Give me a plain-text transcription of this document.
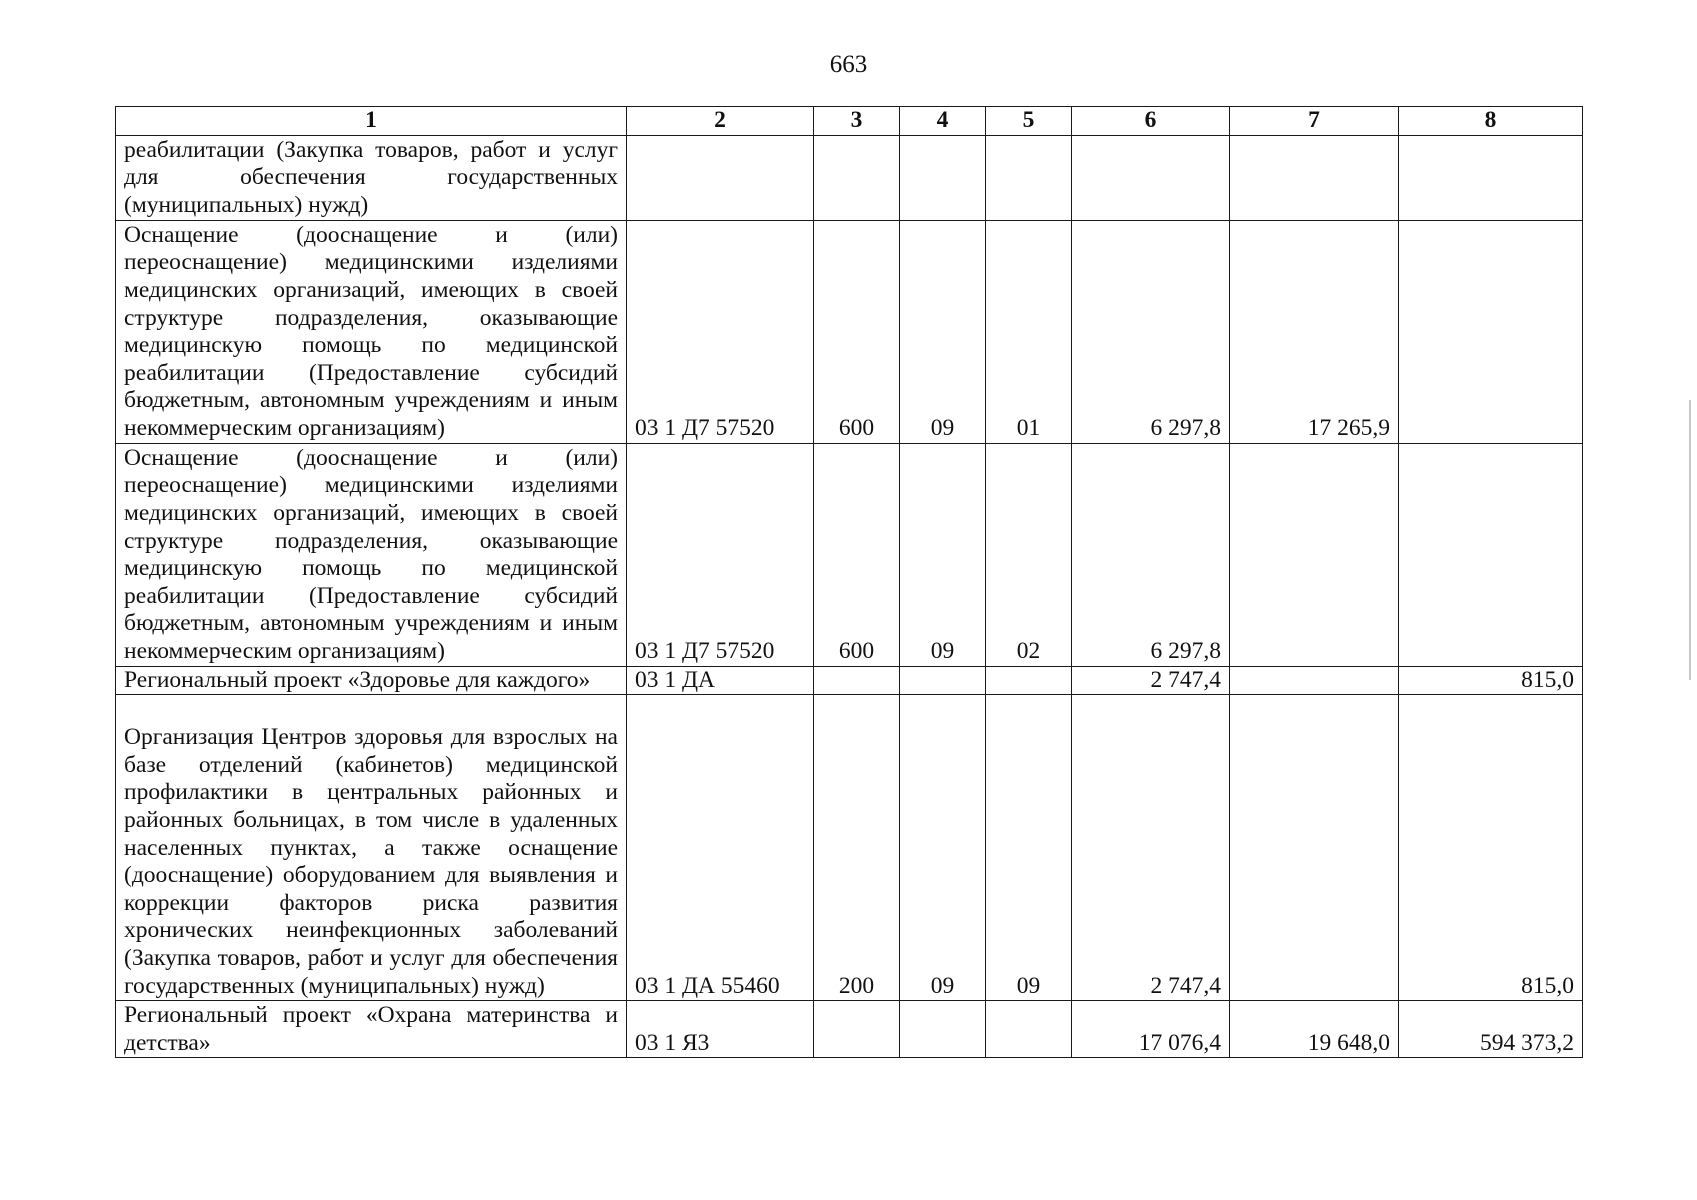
663
1	2	3	4	5	6	7	8
реабилитации (Закупка товаров, работ и услуг для обеспечения государственных (муниципальных) нужд)							
Оснащение (дооснащение и (или) переоснащение) медицинскими изделиями медицинских организаций, имеющих в своей структуре подразделения, оказывающие медицинскую помощь по медицинской реабилитации (Предоставление субсидий бюджетным, автономным учреждениям и иным некоммерческим организациям)	03 1 Д7 57520	600	09	01	6 297,8	17 265,9	
Оснащение (дооснащение и (или) переоснащение) медицинскими изделиями медицинских организаций, имеющих в своей структуре подразделения, оказывающие медицинскую помощь по медицинской реабилитации (Предоставление субсидий бюджетным, автономным учреждениям и иным некоммерческим организациям)	03 1 Д7 57520	600	09	02	6 297,8		
Региональный проект «Здоровье для каждого»	03 1 ДА				2 747,4		815,0
Организация Центров здоровья для взрослых на базе отделений (кабинетов) медицинской профилактики в центральных районных и районных больницах, в том числе в удаленных населенных пунктах, а также оснащение (дооснащение) оборудованием для выявления и коррекции факторов риска развития хронических неинфекционных заболеваний (Закупка товаров, работ и услуг для обеспечения государственных (муниципальных) нужд)	03 1 ДА 55460	200	09	09	2 747,4		815,0
Региональный проект «Охрана материнства и детства»	03 1 Я3				17 076,4	19 648,0	594 373,2
